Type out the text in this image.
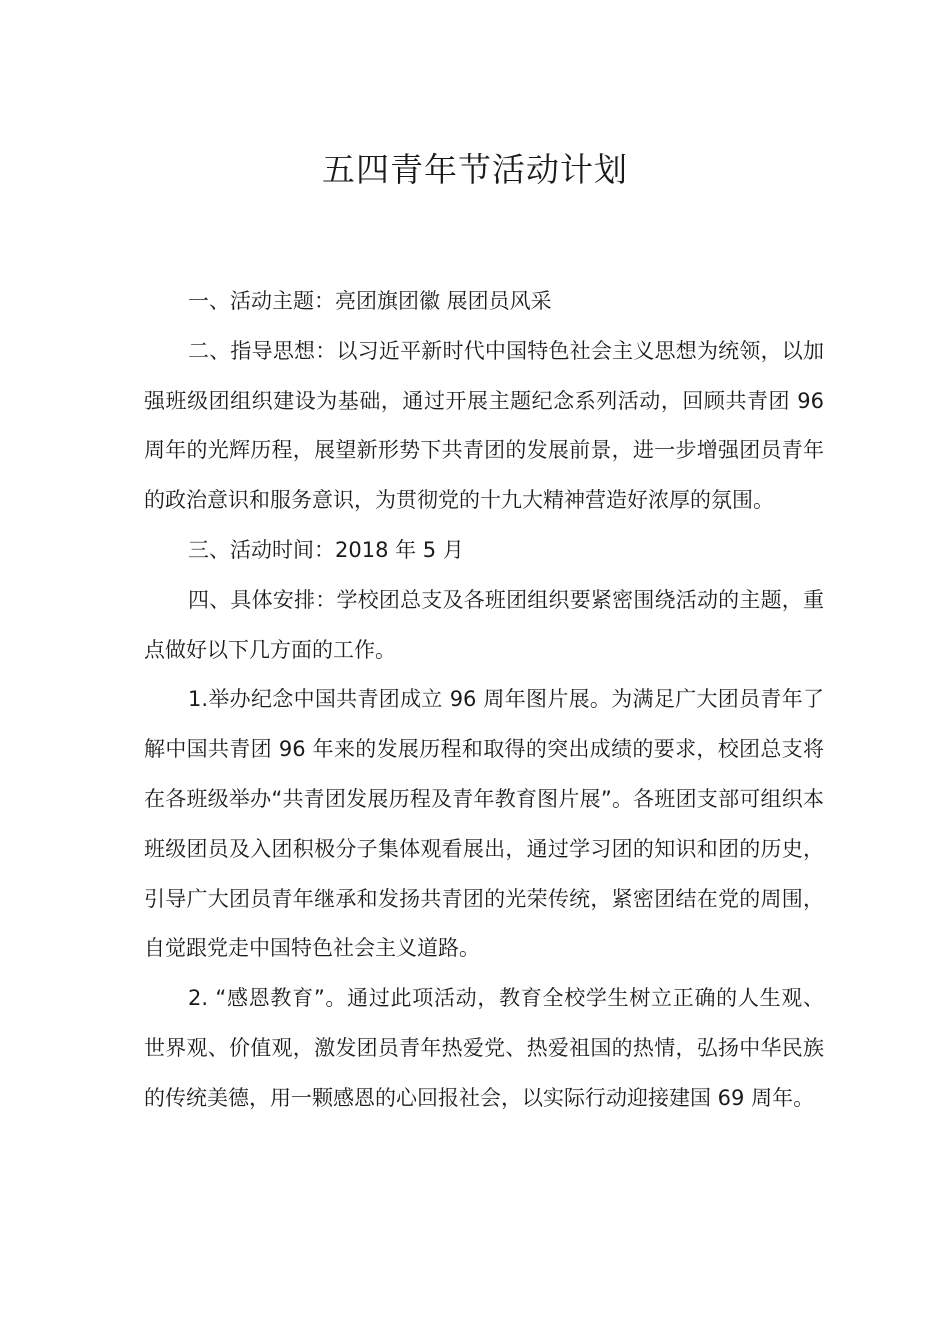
五四青年节活动计划

一、活动主题：亮团旗团徽 展团员风采

二、指导思想：以习近平新时代中国特色社会主义思想为统领，以加强班级团组织建设为基础，通过开展主题纪念系列活动，回顾共青团 96 周年的光辉历程，展望新形势下共青团的发展前景，进一步增强团员青年的政治意识和服务意识，为贯彻党的十九大精神营造好浓厚的氛围。

三、活动时间：2018 年 5 月

四、具体安排：学校团总支及各班团组织要紧密围绕活动的主题，重点做好以下几方面的工作。

1.举办纪念中国共青团成立 96 周年图片展。为满足广大团员青年了解中国共青团 96 年来的发展历程和取得的突出成绩的要求，校团总支将在各班级举办“共青团发展历程及青年教育图片展”。各班团支部可组织本班级团员及入团积极分子集体观看展出，通过学习团的知识和团的历史，引导广大团员青年继承和发扬共青团的光荣传统，紧密团结在党的周围，自觉跟党走中国特色社会主义道路。

2. “感恩教育”。通过此项活动，教育全校学生树立正确的人生观、世界观、价值观，激发团员青年热爱党、热爱祖国的热情，弘扬中华民族的传统美德，用一颗感恩的心回报社会，以实际行动迎接建国 69 周年。
